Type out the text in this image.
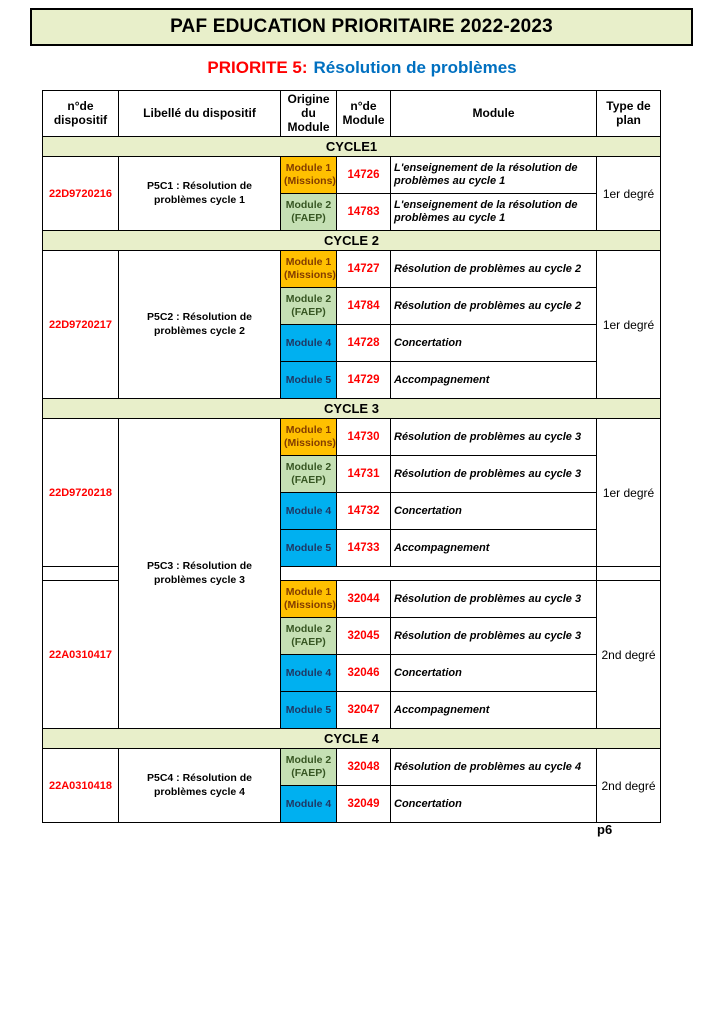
PAF EDUCATION PRIORITAIRE 2022-2023
PRIORITE 5: Résolution de problèmes
n°de dispositif	Libellé du dispositif	Origine du Module	n°de Module	Module	Type de plan
CYCLE1					
22D9720216	P5C1 : Résolution de problèmes cycle 1	Module 1
(Missions)	14726	L'enseignement de la résolution de problèmes au cycle 1	1er degré

		Module 2
(FAEP)	14783	L'enseignement de la résolution de problèmes au cycle 1	
CYCLE 2					
22D9720217	P5C2 : Résolution de problèmes cycle 2	Module 1
(Missions)	14727	Résolution de problèmes au cycle 2	1er degré

		Module 2
(FAEP)	14784	Résolution de problèmes au cycle 2	

		Module 4	14728	Concertation	

		Module 5	14729	Accompagnement	
CYCLE 3					
22D9720218	P5C3 : Résolution de problèmes cycle 3	Module 1
(Missions)	14730	Résolution de problèmes au cycle 3	1er degré

		Module 2
(FAEP)	14731	Résolution de problèmes au cycle 3	

		Module 4	14732	Concertation	

		Module 5	14733	Accompagnement	

22A0310417		Module 1
(Missions)	32044	Résolution de problèmes au cycle 3	2nd degré

		Module 2
(FAEP)	32045	Résolution de problèmes au cycle 3	

		Module 4	32046	Concertation	

		Module 5	32047	Accompagnement	
CYCLE 4					
22A0310418	P5C4 : Résolution de problèmes cycle 4	Module 2
(FAEP)	32048	Résolution de problèmes au cycle 4	2nd degré

		Module 4	32049	Concertation	
p6
